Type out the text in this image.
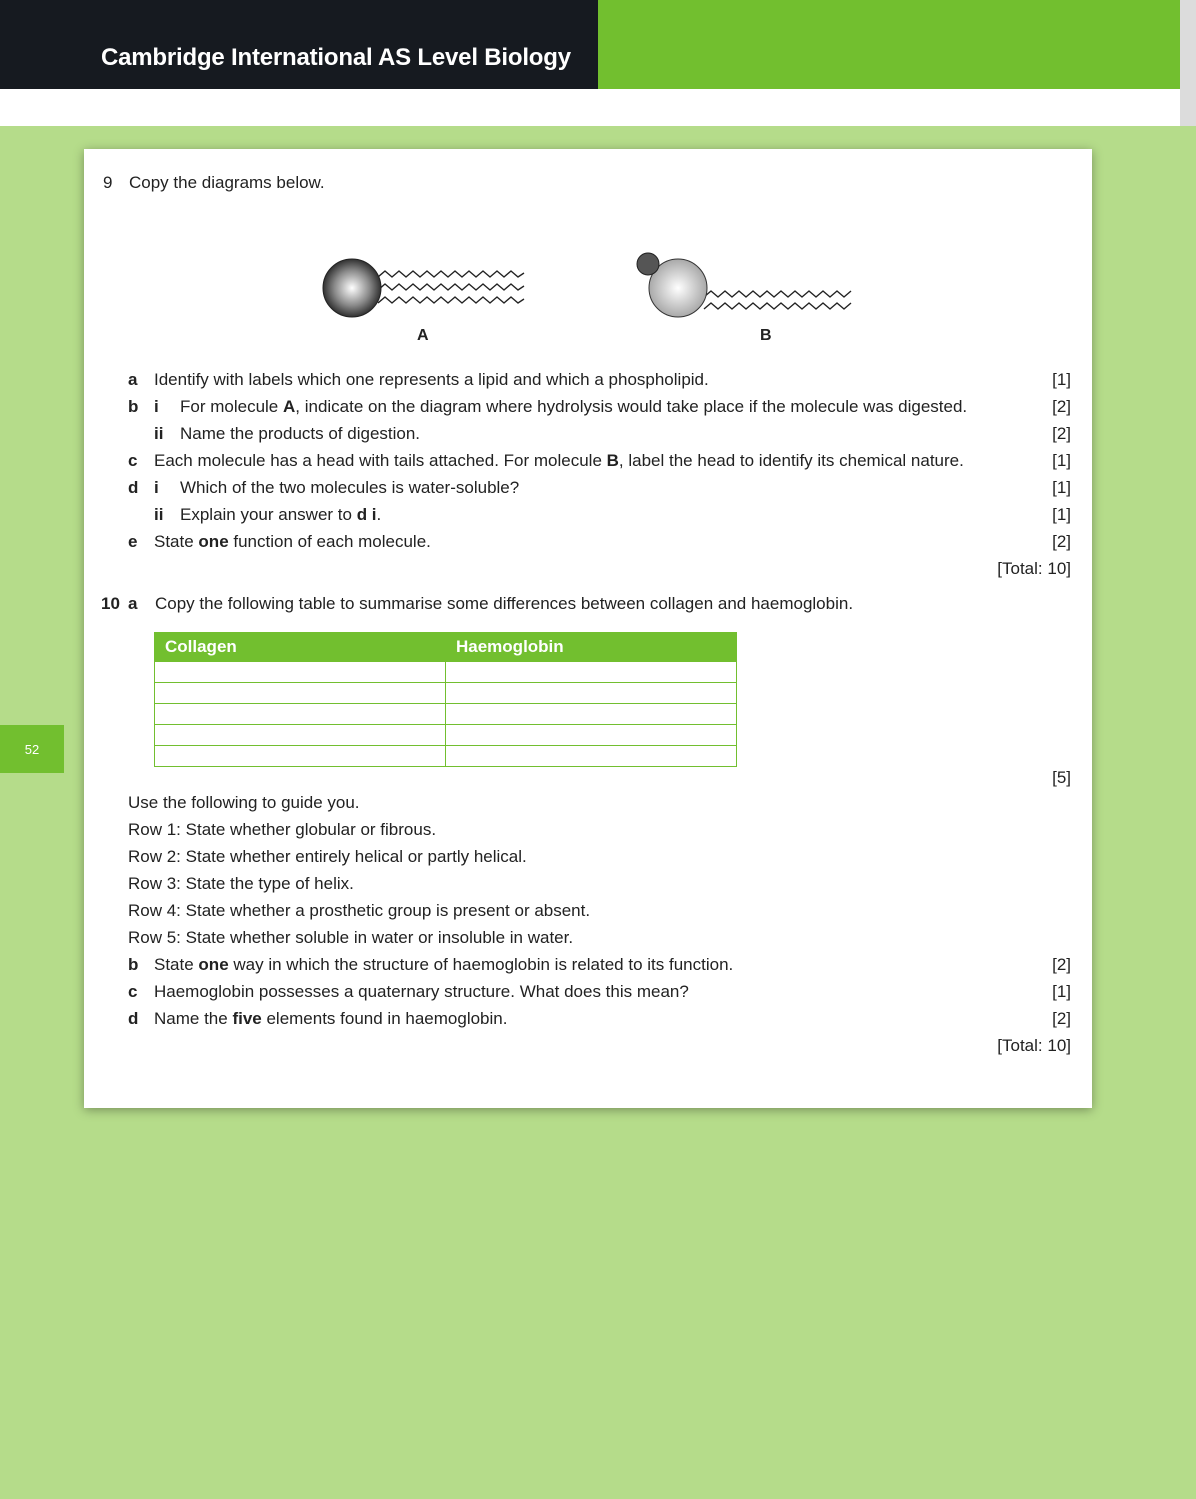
Cambridge International AS Level Biology
52
9 Copy the diagrams below.
A	B
a Identify with labels which one represents a lipid and which a phospholipid.	[1]
b i For molecule A, indicate on the diagram where hydrolysis would take place if the molecule was digested.	[2]
ii Name the products of digestion.	[2]
c Each molecule has a head with tails attached. For molecule B, label the head to identify its chemical nature.	[1]
d i Which of the two molecules is water-soluble?	[1]
ii Explain your answer to d i.	[1]
e State one function of each molecule.	[2]
[Total: 10]
10 a Copy the following table to summarise some differences between collagen and haemoglobin.
Collagen	Haemoglobin

[5]
Use the following to guide you.
Row 1: State whether globular or fibrous.
Row 2: State whether entirely helical or partly helical.
Row 3: State the type of helix.
Row 4: State whether a prosthetic group is present or absent.
Row 5: State whether soluble in water or insoluble in water.
b State one way in which the structure of haemoglobin is related to its function.	[2]
c Haemoglobin possesses a quaternary structure. What does this mean?	[1]
d Name the five elements found in haemoglobin.	[2]
[Total: 10]
